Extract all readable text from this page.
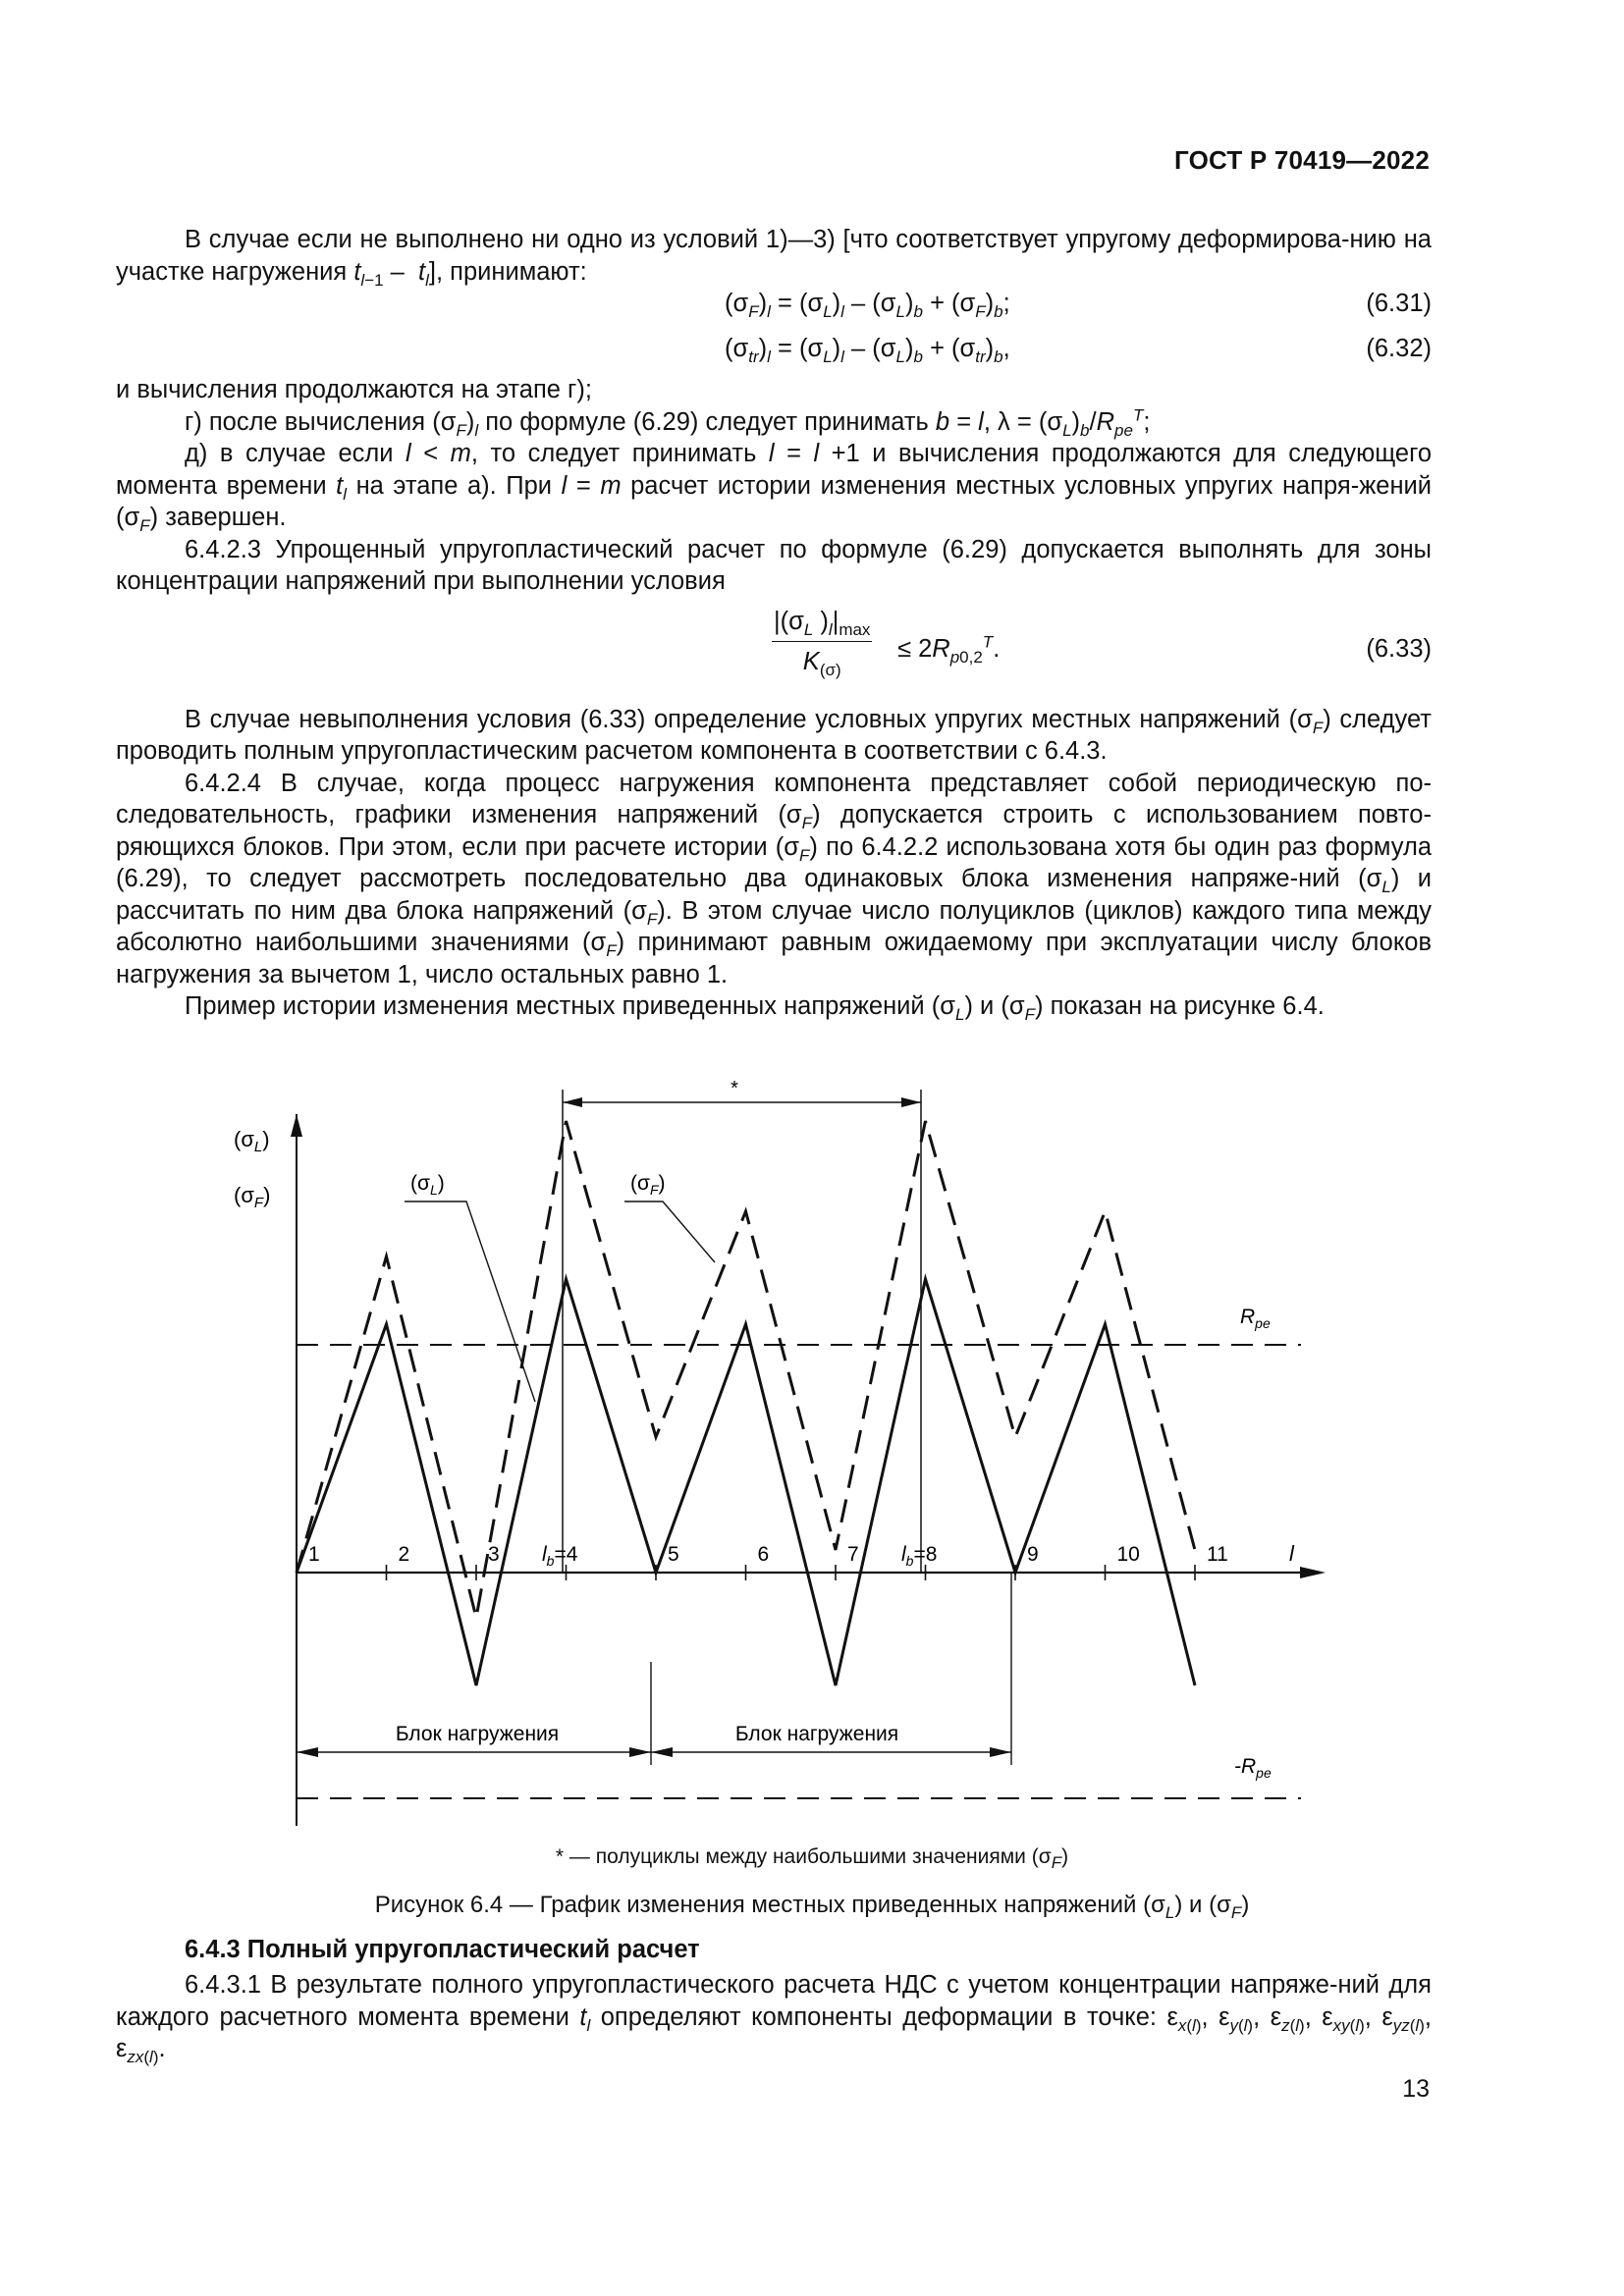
ГОСТ Р 70419—2022

В случае если не выполнено ни одно из условий 1)—3) [что соответствует упругому деформирова-нию на участке нагружения $t_{l-1} - t_l$], принимают:

$(\sigma_F)_l = (\sigma_L)_l - (\sigma_L)_b + (\sigma_F)_b$;	(6.31)
$(\sigma_{tr})_l = (\sigma_L)_l - (\sigma_L)_b + (\sigma_{tr})_b$,	(6.32)

и вычисления продолжаются на этапе г);

г) после вычисления $(\sigma_F)_l$ по формуле (6.29) следует принимать b = l, $\lambda = (\sigma_L)_b/R_{pe}^T$;

д) в случае если l < m, то следует принимать l = l +1 и вычисления продолжаются для следующего момента времени $t_l$ на этапе а). При l = m расчет истории изменения местных условных упругих напря-жений $(\sigma_F)$ завершен.

6.4.2.3 Упрощенный упругопластический расчет по формуле (6.29) допускается выполнять для зоны концентрации напряжений при выполнении условия

$|(\sigma_L$ )$_l|_{max}$
$K_{(\sigma)}$
≤ $2R_{p0,2}^T$.	(6.33)

В случае невыполнения условия (6.33) определение условных упругих местных напряжений $(\sigma_F)$ следует проводить полным упругопластическим расчетом компонента в соответствии с 6.4.3.

6.4.2.4 В случае, когда процесс нагружения компонента представляет собой периодическую по-следовательность, графики изменения напряжений $(\sigma_F)$ допускается строить с использованием повто-ряющихся блоков. При этом, если при расчете истории $(\sigma_F)$ по 6.4.2.2 использована хотя бы один раз формула (6.29), то следует рассмотреть последовательно два одинаковых блока изменения напряже-ний $(\sigma_L)$ и рассчитать по ним два блока напряжений $(\sigma_F)$. В этом случае число полуциклов (циклов) каждого типа между абсолютно наибольшими значениями $(\sigma_F)$ принимают равным ожидаемому при эксплуатации числу блоков нагружения за вычетом 1, число остальных равно 1.

Пример истории изменения местных приведенных напряжений $(\sigma_L)$ и $(\sigma_F)$ показан на рисунке 6.4.

$(\sigma_L)$
$(\sigma_F)$
$R_{pe}$
$-R_{pe}$
*
$(\sigma_L)$	$(\sigma_F)$
1	2	3	5	6	7	9	10	11	l
$l_b=4$	$l_b=8$
Блок нагружения	Блок нагружения
* — полуциклы между наибольшими значениями $(\sigma_F)$
Рисунок 6.4 — График изменения местных приведенных напряжений $(\sigma_L)$ и $(\sigma_F)$
6.4.3 Полный упругопластический расчет

6.4.3.1 В результате полного упругопластического расчета НДС с учетом концентрации напряже-ний для каждого расчетного момента времени $t_l$ определяют компоненты деформации в точке: $\varepsilon_{x(l)}$, $\varepsilon_{y(l)}$, $\varepsilon_{z(l)}$, $\varepsilon_{xy(l)}$, $\varepsilon_{yz(l)}$, $\varepsilon_{zx(l)}$.

13
